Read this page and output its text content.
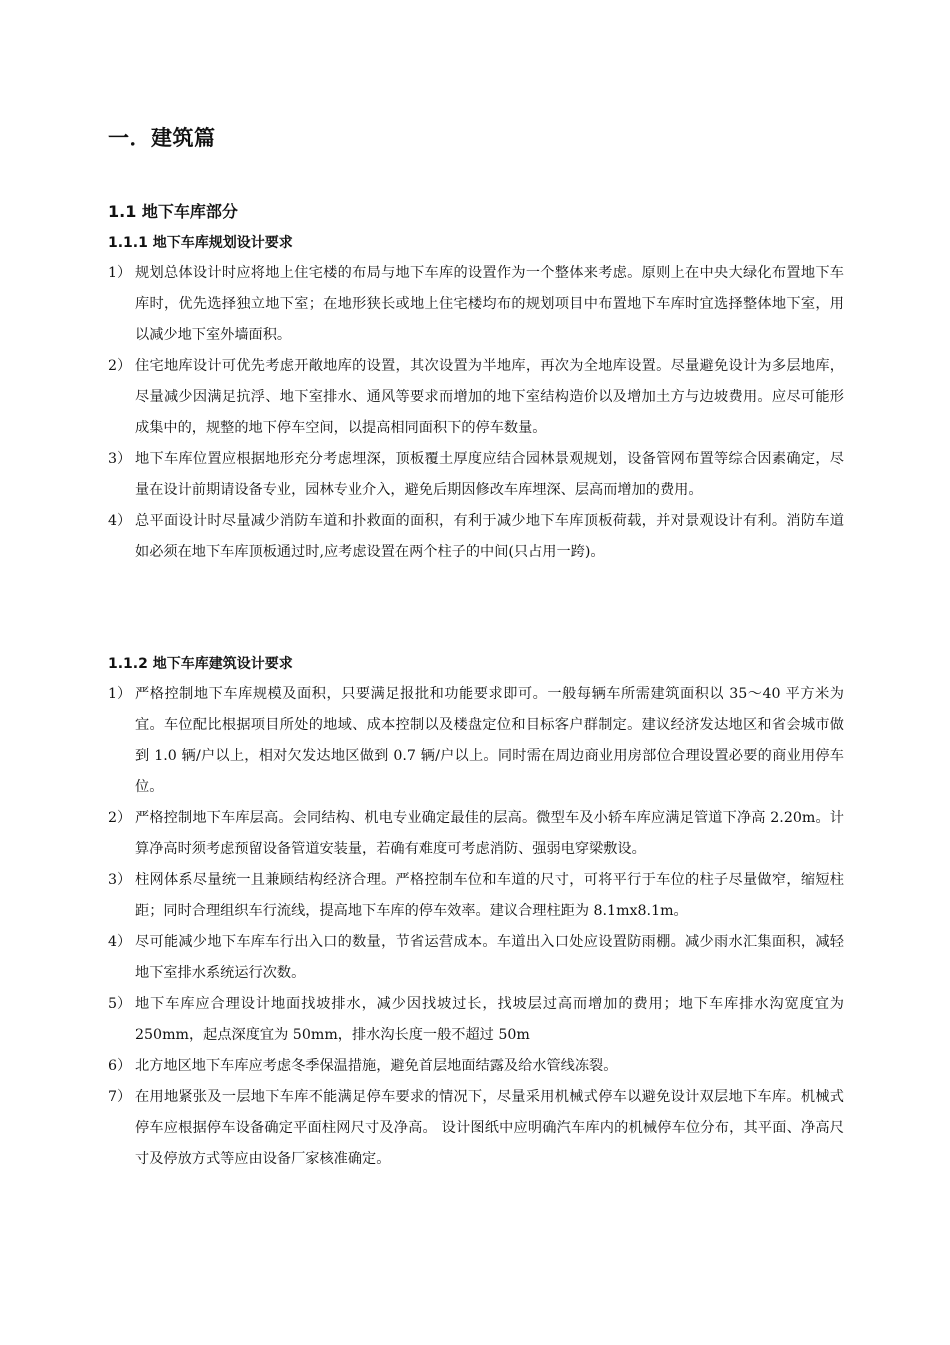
一．建筑篇
1.1 地下车库部分
1.1.1 地下车库规划设计要求

1） 规划总体设计时应将地上住宅楼的布局与地下车库的设置作为一个整体来考虑。原则上在中央大绿化布置地下车库时，优先选择独立地下室；在地形狭长或地上住宅楼均布的规划项目中布置地下车库时宜选择整体地下室，用以减少地下室外墙面积。

2） 住宅地库设计可优先考虑开敞地库的设置，其次设置为半地库，再次为全地库设置。尽量避免设计为多层地库，尽量减少因满足抗浮、地下室排水、通风等要求而增加的地下室结构造价以及增加土方与边坡费用。应尽可能形成集中的，规整的地下停车空间，以提高相同面积下的停车数量。

3） 地下车库位置应根据地形充分考虑埋深，顶板覆土厚度应结合园林景观规划，设备管网布置等综合因素确定，尽量在设计前期请设备专业，园林专业介入，避免后期因修改车库埋深、层高而增加的费用。

4） 总平面设计时尽量减少消防车道和扑救面的面积，有利于减少地下车库顶板荷载，并对景观设计有利。消防车道如必须在地下车库顶板通过时,应考虑设置在两个柱子的中间(只占用一跨)。

1.1.2 地下车库建筑设计要求

1） 严格控制地下车库规模及面积，只要满足报批和功能要求即可。一般每辆车所需建筑面积以 35～40 平方米为宜。车位配比根据项目所处的地域、成本控制以及楼盘定位和目标客户群制定。建议经济发达地区和省会城市做到 1.0 辆/户以上，相对欠发达地区做到 0.7 辆/户以上。同时需在周边商业用房部位合理设置必要的商业用停车位。

2） 严格控制地下车库层高。会同结构、机电专业确定最佳的层高。微型车及小轿车库应满足管道下净高 2.20m。计算净高时须考虑预留设备管道安装量，若确有难度可考虑消防、强弱电穿梁敷设。

3） 柱网体系尽量统一且兼顾结构经济合理。严格控制车位和车道的尺寸，可将平行于车位的柱子尽量做窄，缩短柱距；同时合理组织车行流线，提高地下车库的停车效率。建议合理柱距为 8.1mx8.1m。

4） 尽可能减少地下车库车行出入口的数量，节省运营成本。车道出入口处应设置防雨棚。减少雨水汇集面积，减轻地下室排水系统运行次数。

5） 地下车库应合理设计地面找坡排水，减少因找坡过长，找坡层过高而增加的费用；地下车库排水沟宽度宜为 250mm，起点深度宜为 50mm，排水沟长度一般不超过 50m

6） 北方地区地下车库应考虑冬季保温措施，避免首层地面结露及给水管线冻裂。

7） 在用地紧张及一层地下车库不能满足停车要求的情况下，尽量采用机械式停车以避免设计双层地下车库。机械式停车应根据停车设备确定平面柱网尺寸及净高。 设计图纸中应明确汽车库内的机械停车位分布，其平面、净高尺寸及停放方式等应由设备厂家核准确定。
